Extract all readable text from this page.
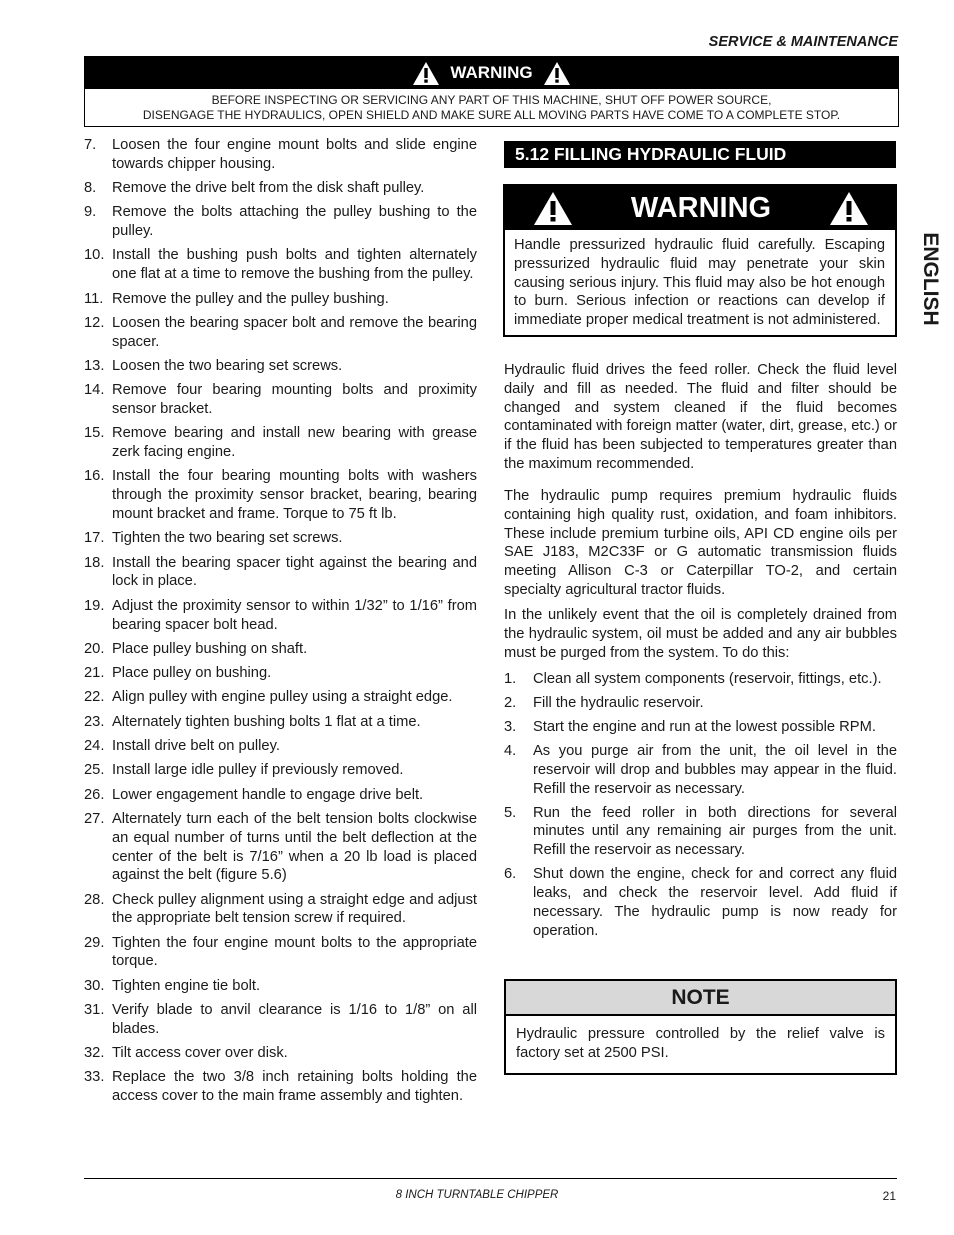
SERVICE & MAINTENANCE
WARNING
BEFORE INSPECTING OR SERVICING ANY PART OF THIS MACHINE, SHUT OFF POWER SOURCE,
DISENGAGE THE HYDRAULICS, OPEN SHIELD AND MAKE SURE ALL MOVING PARTS HAVE COME TO A COMPLETE STOP.
7. Loosen the four engine mount bolts and slide engine towards chipper housing.
8. Remove the drive belt from the disk shaft pulley.
9. Remove the bolts attaching the pulley bushing to the pulley.
10. Install the bushing push bolts and tighten alternately one flat at a time to remove the bushing from the pulley.
11. Remove the pulley and the pulley bushing.
12. Loosen the bearing spacer bolt and remove the bearing spacer.
13. Loosen the two bearing set screws.
14. Remove four bearing mounting bolts and proximity sensor bracket.
15. Remove bearing and install new bearing with grease zerk facing engine.
16. Install the four bearing mounting bolts with washers through the proximity sensor bracket, bearing, bearing mount bracket and frame. Torque to 75 ft lb.
17. Tighten the two bearing set screws.
18. Install the bearing spacer tight against the bearing and lock in place.
19. Adjust the proximity sensor to within 1/32” to 1/16” from bearing spacer bolt head.
20. Place pulley bushing on shaft.
21. Place pulley on bushing.
22. Align pulley with engine pulley using a straight edge.
23. Alternately tighten bushing bolts 1 flat at a time.
24. Install drive belt on pulley.
25. Install large idle pulley if previously removed.
26. Lower engagement handle to engage drive belt.
27. Alternately turn each of the belt tension bolts clockwise an equal number of turns until the belt deflection at the center of the belt is 7/16” when a 20 lb load is placed against the belt (figure 5.6)
28. Check pulley alignment using a straight edge and adjust the appropriate belt tension screw if required.
29. Tighten the four engine mount bolts to the appropriate torque.
30. Tighten engine tie bolt.
31. Verify blade to anvil clearance is 1/16 to 1/8” on all blades.
32. Tilt access cover over disk.
33. Replace the two 3/8 inch retaining bolts holding the access cover to the main frame assembly and tighten.
5.12 FILLING HYDRAULIC FLUID
WARNING
Handle pressurized hydraulic fluid carefully. Escaping pressurized hydraulic fluid may penetrate your skin causing serious injury. This fluid may also be hot enough to burn. Serious infection or reactions can develop if immediate proper medical treatment is not administered.

Hydraulic fluid drives the feed roller. Check the fluid level daily and fill as needed. The fluid and filter should be changed and system cleaned if the fluid becomes contaminated with foreign matter (water, dirt, grease, etc.) or if the fluid has been subjected to temperatures greater than the maximum recommended.

The hydraulic pump requires premium hydraulic fluids containing high quality rust, oxidation, and foam inhibitors. These include premium turbine oils, API CD engine oils per SAE J183, M2C33F or G automatic transmission fluids meeting Allison C-3 or Caterpillar TO-2, and certain specialty agricultural tractor fluids.

In the unlikely event that the oil is completely drained from the hydraulic system, oil must be added and any air bubbles must be purged from the system. To do this:

1. Clean all system components (reservoir, fittings, etc.).
2. Fill the hydraulic reservoir.
3. Start the engine and run at the lowest possible RPM.
4. As you purge air from the unit, the oil level in the reservoir will drop and bubbles may appear in the fluid. Refill the reservoir as necessary.
5. Run the feed roller in both directions for several minutes until any remaining air purges from the unit. Refill the reservoir as necessary.
6. Shut down the engine, check for and correct any fluid leaks, and check the reservoir level. Add fluid if necessary. The hydraulic pump is now ready for operation.
NOTE
Hydraulic pressure controlled by the relief valve is factory set at 2500 PSI.
ENGLISH
8 INCH TURNTABLE CHIPPER	21
